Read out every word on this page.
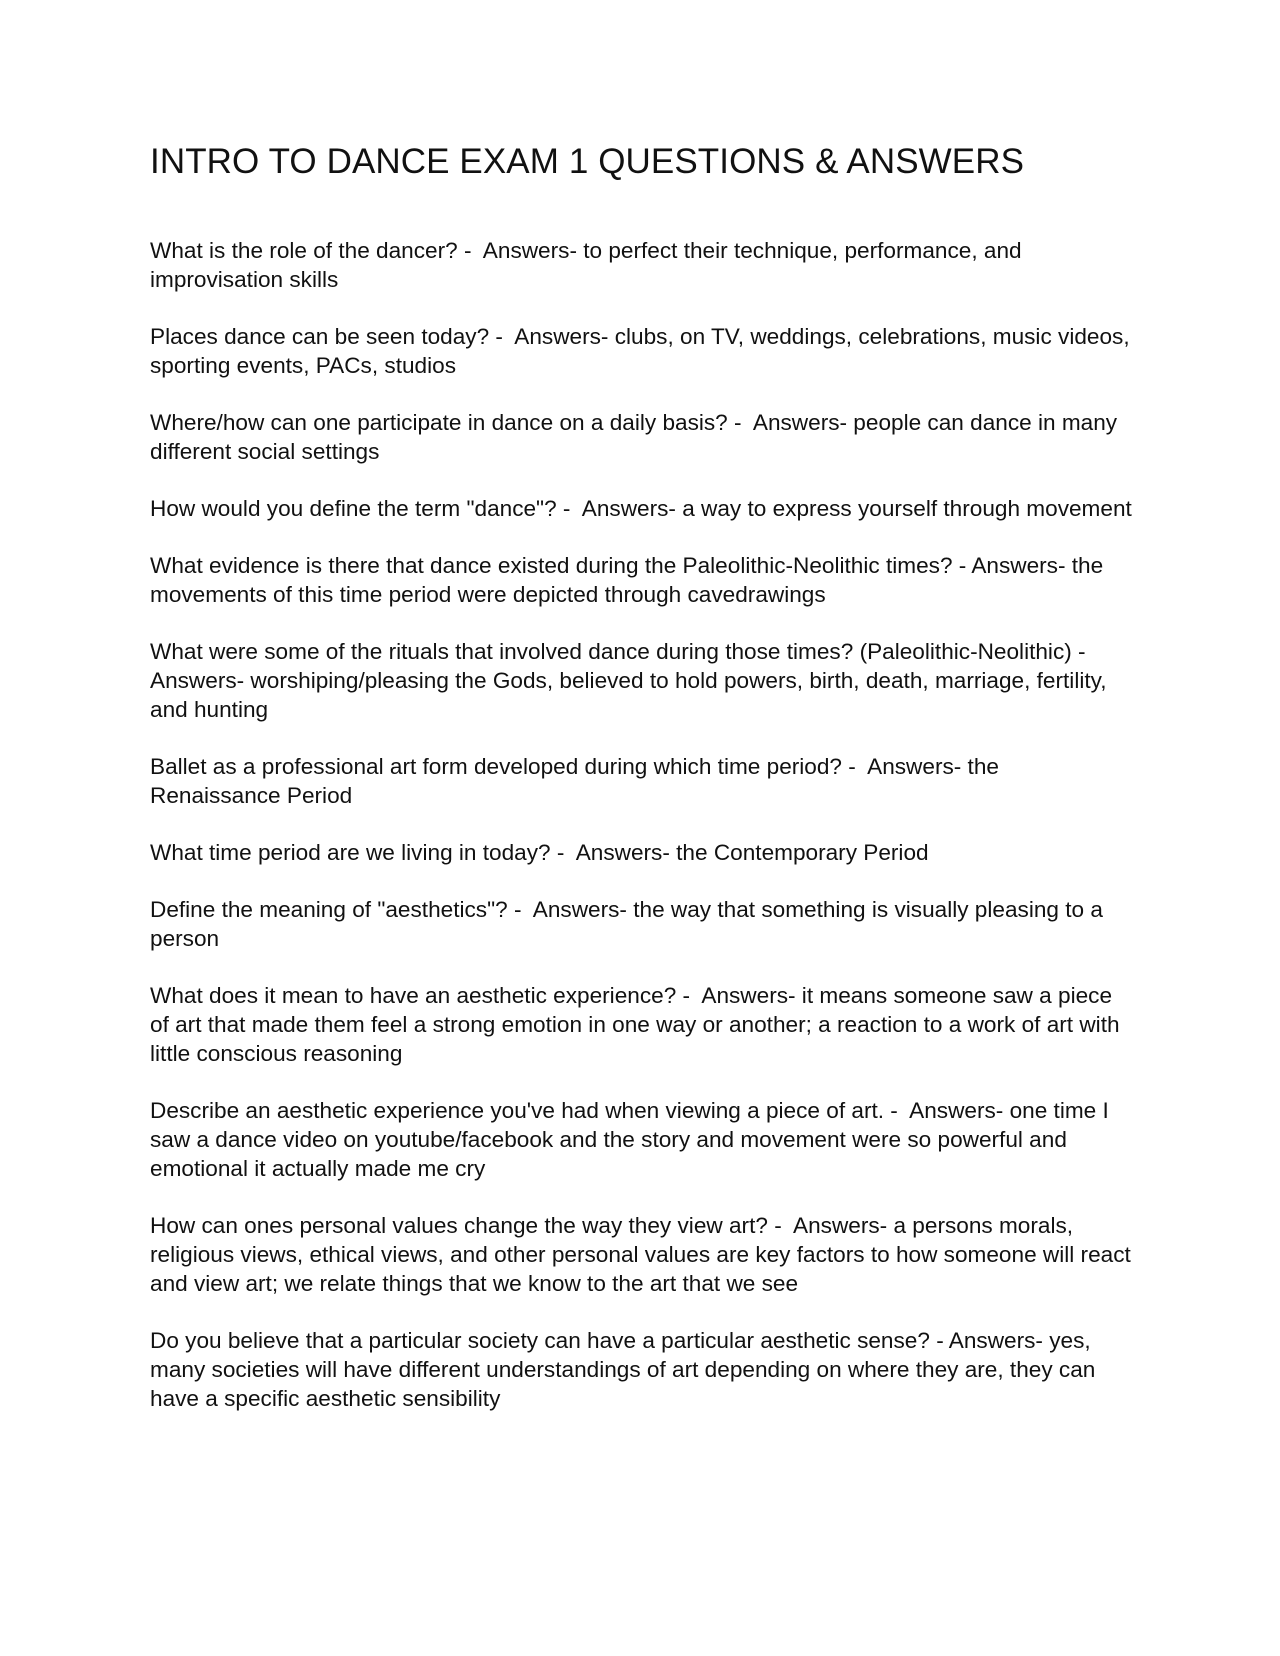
INTRO TO DANCE EXAM 1 QUESTIONS & ANSWERS
What is the role of the dancer? -  Answers- to perfect their technique, performance, and improvisation skills
Places dance can be seen today? -  Answers- clubs, on TV, weddings, celebrations, music videos, sporting events, PACs, studios
Where/how can one participate in dance on a daily basis? -  Answers- people can dance in many different social settings
How would you define the term "dance"? -  Answers- a way to express yourself through movement
What evidence is there that dance existed during the Paleolithic-Neolithic times? - Answers- the movements of this time period were depicted through cavedrawings
What were some of the rituals that involved dance during those times? (Paleolithic-Neolithic) -  Answers- worshiping/pleasing the Gods, believed to hold powers, birth, death, marriage, fertility, and hunting
Ballet as a professional art form developed during which time period? -  Answers- the Renaissance Period
What time period are we living in today? -  Answers- the Contemporary Period
Define the meaning of "aesthetics"? -  Answers- the way that something is visually pleasing to a person
What does it mean to have an aesthetic experience? -  Answers- it means someone saw a piece of art that made them feel a strong emotion in one way or another; a reaction to a work of art with little conscious reasoning
Describe an aesthetic experience you've had when viewing a piece of art. -  Answers- one time I saw a dance video on youtube/facebook and the story and movement were so powerful and emotional it actually made me cry
How can ones personal values change the way they view art? -  Answers- a persons morals, religious views, ethical views, and other personal values are key factors to how someone will react and view art; we relate things that we know to the art that we see
Do you believe that a particular society can have a particular aesthetic sense? - Answers- yes, many societies will have different understandings of art depending on where they are, they can have a specific aesthetic sensibility
